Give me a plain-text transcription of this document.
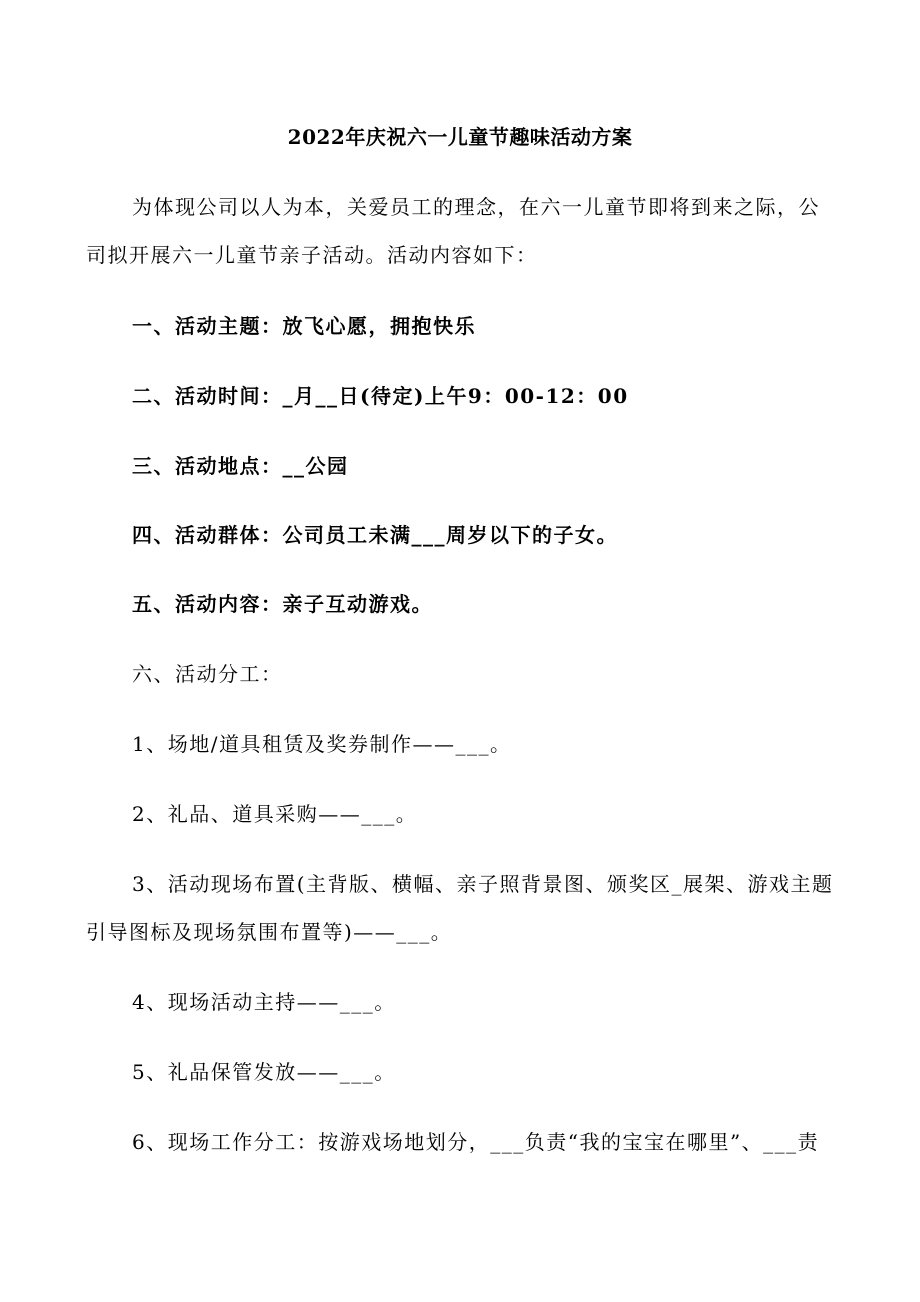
2022年庆祝六一儿童节趣味活动方案
为体现公司以人为本，关爱员工的理念，在六一儿童节即将到来之际，公
司拟开展六一儿童节亲子活动。活动内容如下：
一、活动主题：放飞心愿，拥抱快乐
二、活动时间：_月__日(待定)上午9：00-12：00
三、活动地点：__公园
四、活动群体：公司员工未满___周岁以下的子女。
五、活动内容：亲子互动游戏。
六、活动分工：
1、场地/道具租赁及奖券制作——___。
2、礼品、道具采购——___。
3、活动现场布置(主背版、横幅、亲子照背景图、颁奖区_展架、游戏主题
引导图标及现场氛围布置等)——___。
4、现场活动主持——___。
5、礼品保管发放——___。
6、现场工作分工：按游戏场地划分，___负责“我的宝宝在哪里”、___责
